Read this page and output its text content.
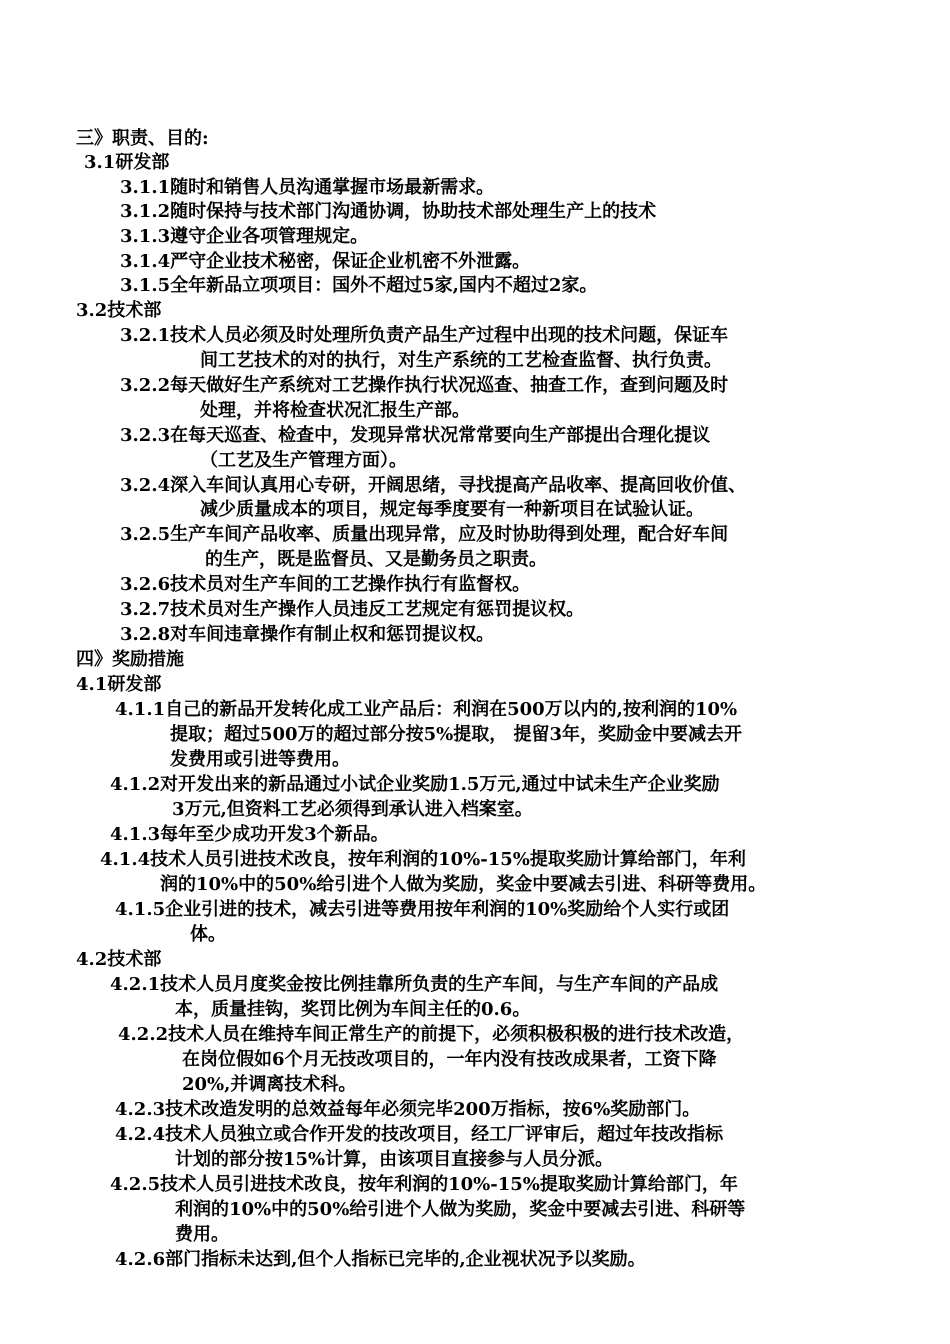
三》职责、目的:
3.1研发部
3.1.1随时和销售人员沟通掌握市场最新需求。
3.1.2随时保持与技术部门沟通协调，协助技术部处理生产上的技术
3.1.3遵守企业各项管理规定。
3.1.4严守企业技术秘密，保证企业机密不外泄露。
3.1.5全年新品立项项目：国外不超过5家,国内不超过2家。
3.2技术部
3.2.1技术人员必须及时处理所负责产品生产过程中出现的技术问题，保证车
间工艺技术的对的执行，对生产系统的工艺检查监督、执行负责。
3.2.2每天做好生产系统对工艺操作执行状况巡查、抽查工作，查到问题及时
处理，并将检查状况汇报生产部。
3.2.3在每天巡查、检查中，发现异常状况常常要向生产部提出合理化提议
（工艺及生产管理方面）。
3.2.4深入车间认真用心专研，开阔思绪，寻找提高产品收率、提高回收价值、
减少质量成本的项目，规定每季度要有一种新项目在试验认证。
3.2.5生产车间产品收率、质量出现异常，应及时协助得到处理，配合好车间
的生产，既是监督员、又是勤务员之职责。
3.2.6技术员对生产车间的工艺操作执行有监督权。
3.2.7技术员对生产操作人员违反工艺规定有惩罚提议权。
3.2.8对车间违章操作有制止权和惩罚提议权。
四》奖励措施
4.1研发部
4.1.1自己的新品开发转化成工业产品后：利润在500万以内的,按利润的10%
提取；超过500万的超过部分按5%提取， 提留3年，奖励金中要减去开
发费用或引进等费用。
4.1.2对开发出来的新品通过小试企业奖励1.5万元,通过中试未生产企业奖励
3万元,但资料工艺必须得到承认进入档案室。
4.1.3每年至少成功开发3个新品。
4.1.4技术人员引进技术改良，按年利润的10%-15%提取奖励计算给部门，年利
润的10%中的50%给引进个人做为奖励，奖金中要减去引进、科研等费用。
4.1.5企业引进的技术，减去引进等费用按年利润的10%奖励给个人实行或团
体。
4.2技术部
4.2.1技术人员月度奖金按比例挂靠所负责的生产车间，与生产车间的产品成
本，质量挂钩，奖罚比例为车间主任的0.6。
4.2.2技术人员在维持车间正常生产的前提下，必须积极积极的进行技术改造，
在岗位假如6个月无技改项目的，一年内没有技改成果者，工资下降
20%,并调离技术科。
4.2.3技术改造发明的总效益每年必须完毕200万指标，按6%奖励部门。
4.2.4技术人员独立或合作开发的技改项目，经工厂评审后，超过年技改指标
计划的部分按15%计算，由该项目直接参与人员分派。
4.2.5技术人员引进技术改良，按年利润的10%-15%提取奖励计算给部门，年
利润的10%中的50%给引进个人做为奖励，奖金中要减去引进、科研等
费用。
4.2.6部门指标未达到,但个人指标已完毕的,企业视状况予以奖励。
